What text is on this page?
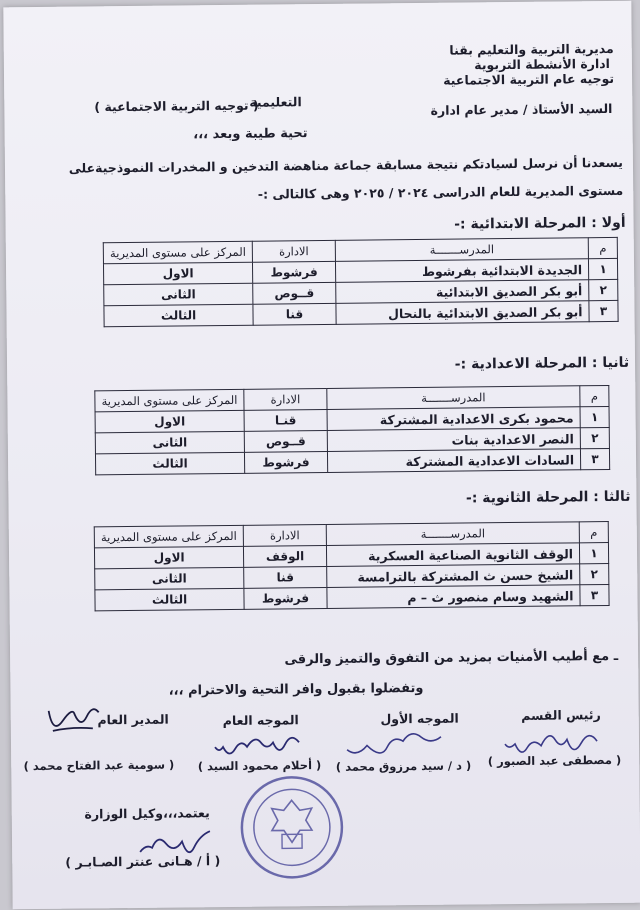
مديرية التربية والتعليم بقنا
ادارة الأنشطة التربوية
توجيه عام التربية الاجتماعية
السيد الأستاذ / مدير عام ادارة
التعليمية
( توجيه التربية الاجتماعية )
تحية طيبة وبعد ،،،
يسعدنا أن نرسل لسيادتكم نتيجة مسابقة جماعة مناهضة التدخين و المخدرات النموذجيةعلى
مستوى المديرية للعام الدراسى ٢٠٢٤ / ٢٠٢٥ وهى كالتالى :-
أولا : المرحلة الابتدائية :-
م	المدرســـــــة	الادارة	المركز على مستوى المديرية
١	الجديدة الابتدائية بفرشوط	فرشوط	الاول
٢	أبو بكر الصديق الابتدائية	قــوص	الثانى
٣	أبو بكر الصديق الابتدائية بالنحال	قنا	الثالث
ثانيا : المرحلة الاعدادية :-
م	المدرســـــــة	الادارة	المركز على مستوى المديرية
١	محمود بكرى الاعدادية المشتركة	قنـا	الاول
٢	النصر الاعدادية بنات	قــوص	الثانى
٣	السادات الاعدادية المشتركة	فرشوط	الثالث
ثالثا : المرحلة الثانوية :-
م	المدرســـــــة	الادارة	المركز على مستوى المديرية
١	الوقف الثانوية الصناعية العسكرية	الوقف	الاول
٢	الشيخ حسن ث المشتركة بالترامسة	قنا	الثانى
٣	الشهيد وسام منصور ث – م	فرشوط	الثالث
ـ مع أطيب الأمنيات بمزيد من التفوق والتميز والرقى
وتفضلوا بقبول وافر التحية والاحترام ،،،
رئيس القسم
الموجه الأول
الموجه العام
المدير العام
( مصطفى عبد الصبور )
( د / سيد مرزوق محمد )
( أحلام محمود السيد )
( سومية عبد الفتاح محمد )
يعتمد،،،وكيل الوزارة
( أ / هـانى عنتر الصـابـر )
